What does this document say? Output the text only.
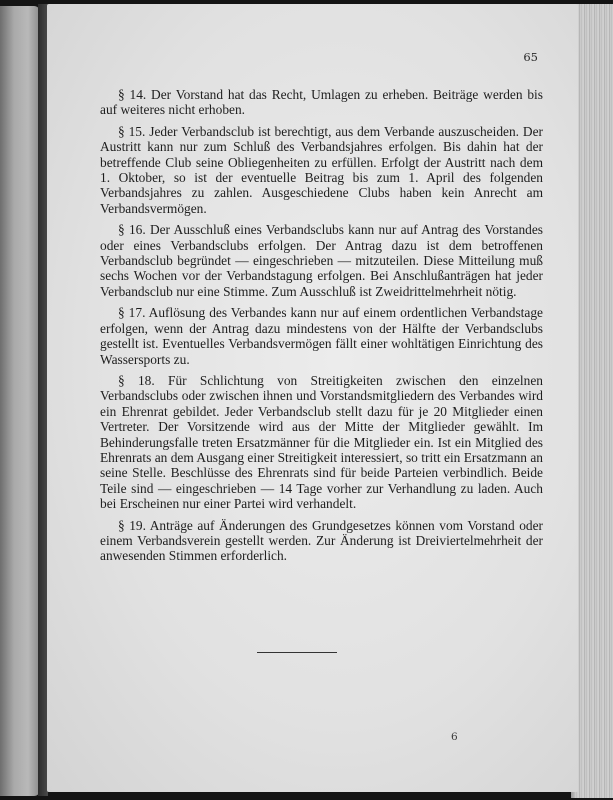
65

§ 14. Der Vorstand hat das Recht, Umlagen zu erheben. Beiträge werden bis auf weiteres nicht erhoben.

§ 15. Jeder Verbandsclub ist berechtigt, aus dem Verbande auszuscheiden. Der Austritt kann nur zum Schluß des Verbandsjahres erfolgen. Bis dahin hat der betreffende Club seine Obliegenheiten zu erfüllen. Erfolgt der Austritt nach dem 1. Oktober, so ist der eventuelle Beitrag bis zum 1. April des folgenden Verbandsjahres zu zahlen. Ausgeschiedene Clubs haben kein Anrecht am Verbandsvermögen.

§ 16. Der Ausschluß eines Verbandsclubs kann nur auf Antrag des Vorstandes oder eines Verbandsclubs erfolgen. Der Antrag dazu ist dem betroffenen Verbandsclub begründet — eingeschrieben — mitzuteilen. Diese Mitteilung muß sechs Wochen vor der Verbandstagung erfolgen. Bei Anschlußanträgen hat jeder Verbandsclub nur eine Stimme. Zum Ausschluß ist Zweidrittelmehrheit nötig.

§ 17. Auflösung des Verbandes kann nur auf einem ordentlichen Verbandstage erfolgen, wenn der Antrag dazu mindestens von der Hälfte der Verbandsclubs gestellt ist. Eventuelles Verbandsvermögen fällt einer wohltätigen Einrichtung des Wassersports zu.

§ 18. Für Schlichtung von Streitigkeiten zwischen den einzelnen Verbandsclubs oder zwischen ihnen und Vorstandsmitgliedern des Verbandes wird ein Ehrenrat gebildet. Jeder Verbandsclub stellt dazu für je 20 Mitglieder einen Vertreter. Der Vorsitzende wird aus der Mitte der Mitglieder gewählt. Im Behinderungsfalle treten Ersatzmänner für die Mitglieder ein. Ist ein Mitglied des Ehrenrats an dem Ausgang einer Streitigkeit interessiert, so tritt ein Ersatzmann an seine Stelle. Beschlüsse des Ehrenrats sind für beide Parteien verbindlich. Beide Teile sind — eingeschrieben — 14 Tage vorher zur Verhandlung zu laden. Auch bei Erscheinen nur einer Partei wird verhandelt.

§ 19. Anträge auf Änderungen des Grundgesetzes können vom Vorstand oder einem Verbandsverein gestellt werden. Zur Änderung ist Dreiviertelmehrheit der anwesenden Stimmen erforderlich.

6
